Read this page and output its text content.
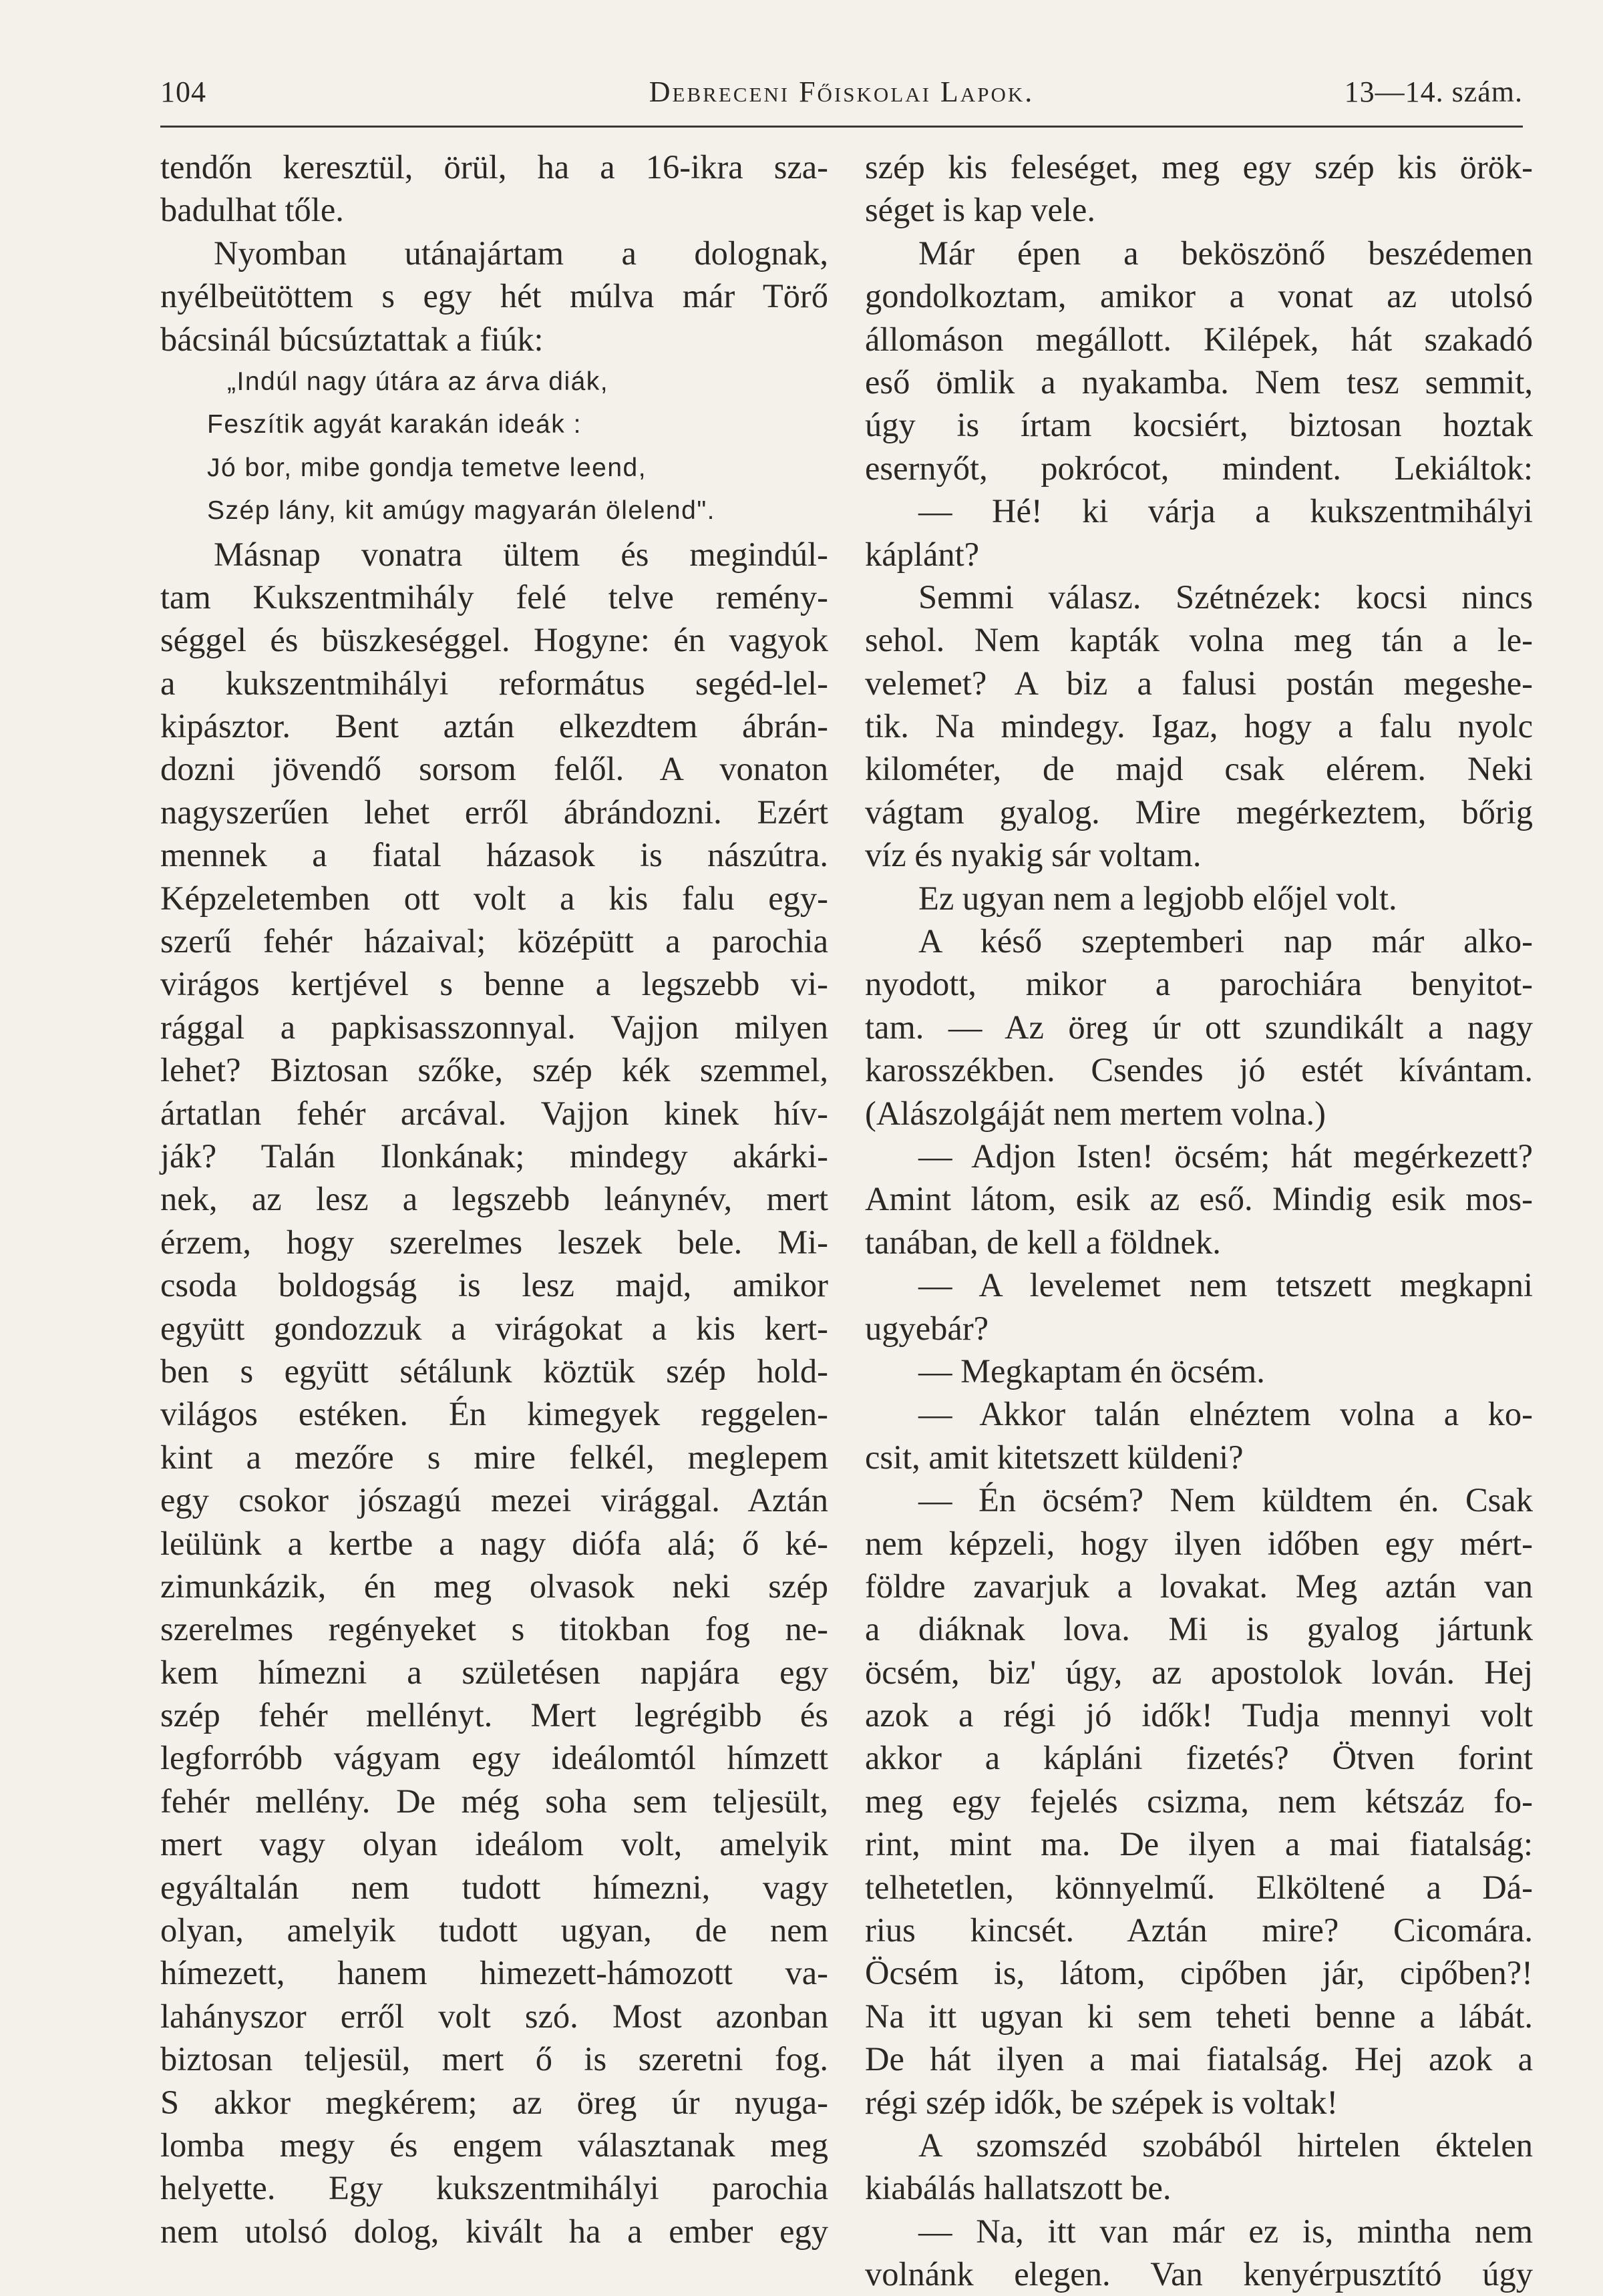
104	Debreceni Főiskolai Lapok.	13—14. szám.
tendőn keresztül, örül, ha a 16-ikra sza-
badulhat tőle.
Nyomban utánajártam a dolognak,
nyélbeütöttem s egy hét múlva már Törő
bácsinál búcsúztattak a fiúk:
„Indúl nagy útára az árva diák,
Feszítik agyát karakán ideák :
Jó bor, mibe gondja temetve leend,
Szép lány, kit amúgy magyarán ölelend".
Másnap vonatra ültem és megindúl-
tam Kukszentmihály felé telve remény-
séggel és büszkeséggel. Hogyne: én vagyok
a kukszentmihályi református segéd-lel-
kipásztor. Bent aztán elkezdtem ábrán-
dozni jövendő sorsom felől. A vonaton
nagyszerűen lehet erről ábrándozni. Ezért
mennek a fiatal házasok is nászútra.
Képzeletemben ott volt a kis falu egy-
szerű fehér házaival; középütt a parochia
virágos kertjével s benne a legszebb vi-
rággal a papkisasszonnyal. Vajjon milyen
lehet? Biztosan szőke, szép kék szemmel,
ártatlan fehér arcával. Vajjon kinek hív-
ják? Talán Ilonkának; mindegy akárki-
nek, az lesz a legszebb leánynév, mert
érzem, hogy szerelmes leszek bele. Mi-
csoda boldogság is lesz majd, amikor
együtt gondozzuk a virágokat a kis kert-
ben s együtt sétálunk köztük szép hold-
világos estéken. Én kimegyek reggelen-
kint a mezőre s mire felkél, meglepem
egy csokor jószagú mezei virággal. Aztán
leülünk a kertbe a nagy diófa alá; ő ké-
zimunkázik, én meg olvasok neki szép
szerelmes regényeket s titokban fog ne-
kem hímezni a születésen napjára egy
szép fehér mellényt. Mert legrégibb és
legforróbb vágyam egy ideálomtól hímzett
fehér mellény. De még soha sem teljesült,
mert vagy olyan ideálom volt, amelyik
egyáltalán nem tudott hímezni, vagy
olyan, amelyik tudott ugyan, de nem
hímezett, hanem himezett-hámozott va-
lahányszor erről volt szó. Most azonban
biztosan teljesül, mert ő is szeretni fog.
S akkor megkérem; az öreg úr nyuga-
lomba megy és engem választanak meg
helyette. Egy kukszentmihályi parochia
nem utolsó dolog, kivált ha a ember egy
szép kis feleséget, meg egy szép kis örök-
séget is kap vele.
Már épen a beköszönő beszédemen
gondolkoztam, amikor a vonat az utolsó
állomáson megállott. Kilépek, hát szakadó
eső ömlik a nyakamba. Nem tesz semmit,
úgy is írtam kocsiért, biztosan hoztak
esernyőt, pokrócot, mindent. Lekiáltok:
— Hé! ki várja a kukszentmihályi
káplánt?
Semmi válasz. Szétnézek: kocsi nincs
sehol. Nem kapták volna meg tán a le-
velemet? A biz a falusi postán megeshe-
tik. Na mindegy. Igaz, hogy a falu nyolc
kilométer, de majd csak elérem. Neki
vágtam gyalog. Mire megérkeztem, bőrig
víz és nyakig sár voltam.
Ez ugyan nem a legjobb előjel volt.
A késő szeptemberi nap már alko-
nyodott, mikor a parochiára benyitot-
tam. — Az öreg úr ott szundikált a nagy
karosszékben. Csendes jó estét kívántam.
(Alászolgáját nem mertem volna.)
— Adjon Isten! öcsém; hát megérkezett?
Amint látom, esik az eső. Mindig esik mos-
tanában, de kell a földnek.
— A levelemet nem tetszett megkapni
ugyebár?
— Megkaptam én öcsém.
— Akkor talán elnéztem volna a ko-
csit, amit kitetszett küldeni?
— Én öcsém? Nem küldtem én. Csak
nem képzeli, hogy ilyen időben egy mért-
földre zavarjuk a lovakat. Meg aztán van
a diáknak lova. Mi is gyalog jártunk
öcsém, biz' úgy, az apostolok lován. Hej
azok a régi jó idők! Tudja mennyi volt
akkor a kápláni fizetés? Ötven forint
meg egy fejelés csizma, nem kétszáz fo-
rint, mint ma. De ilyen a mai fiatalság:
telhetetlen, könnyelmű. Elköltené a Dá-
rius kincsét. Aztán mire? Cicomára.
Öcsém is, látom, cipőben jár, cipőben?!
Na itt ugyan ki sem teheti benne a lábát.
De hát ilyen a mai fiatalság. Hej azok a
régi szép idők, be szépek is voltak!
A szomszéd szobából hirtelen éktelen
kiabálás hallatszott be.
— Na, itt van már ez is, mintha nem
volnánk elegen. Van kenyérpusztító úgy
